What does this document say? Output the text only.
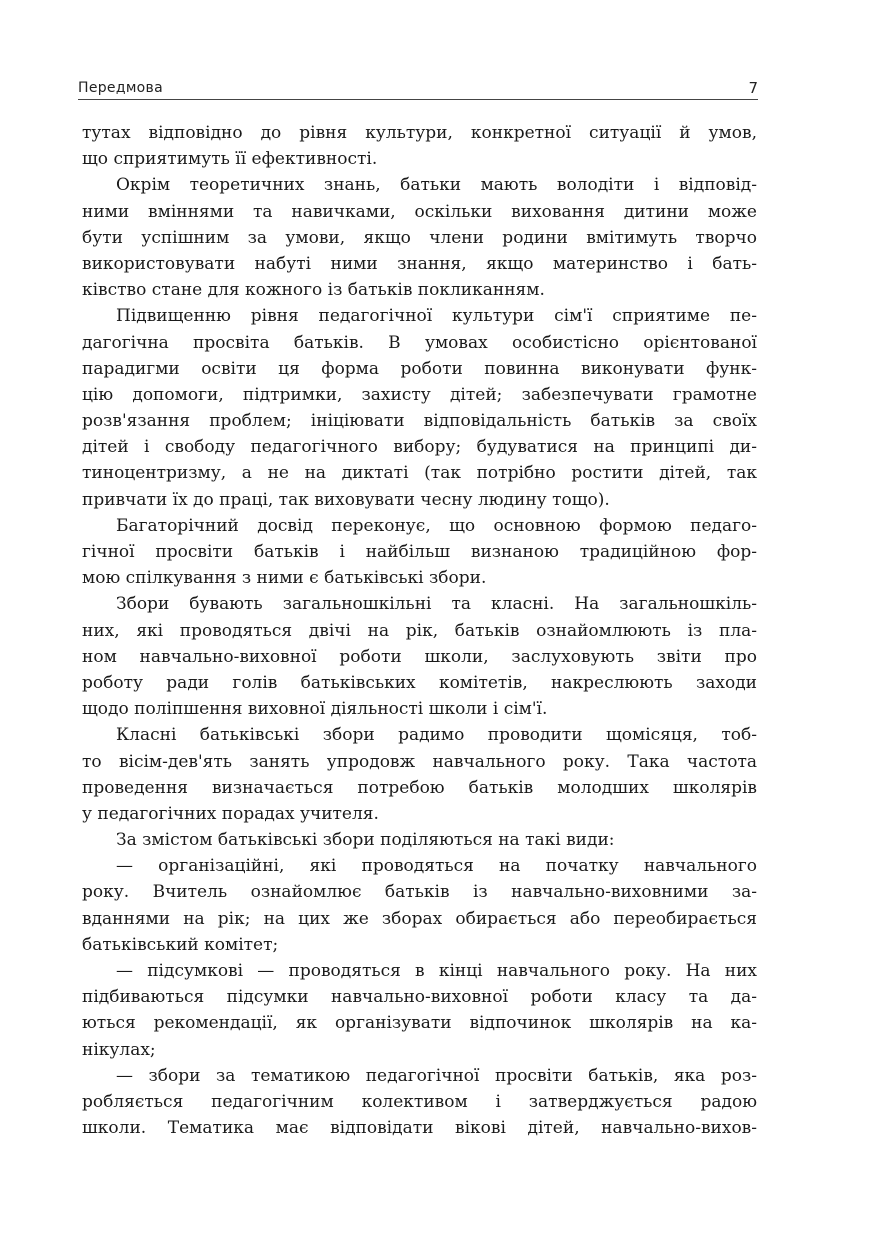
Передмова	7
тутах відповідно до рівня культури, конкретної ситуації й умов,
що сприятимуть її ефективності.
Окрім теоретичних знань, батьки мають володіти і відповід-
ними вміннями та навичками, оскільки виховання дитини може
бути успішним за умови, якщо члени родини вмітимуть творчо
використовувати набуті ними знання, якщо материнство і бать-
ківство стане для кожного із батьків покликанням.
Підвищенню рівня педагогічної культури сім'ї сприятиме пе-
дагогічна просвіта батьків. В умовах особистісно орієнтованої
парадигми освіти ця форма роботи повинна виконувати функ-
цію допомоги, підтримки, захисту дітей; забезпечувати грамотне
розв'язання проблем; ініціювати відповідальність батьків за своїх
дітей і свободу педагогічного вибору; будуватися на принципі ди-
тиноцентризму, а не на диктаті (так потрібно ростити дітей, так
привчати їх до праці, так виховувати чесну людину тощо).
Багаторічний досвід переконує, що основною формою педаго-
гічної просвіти батьків і найбільш визнаною традиційною фор-
мою спілкування з ними є батьківські збори.
Збори бувають загальношкільні та класні. На загальношкіль-
них, які проводяться двічі на рік, батьків ознайомлюють із пла-
ном навчально-виховної роботи школи, заслуховують звіти про
роботу ради голів батьківських комітетів, накреслюють заходи
щодо поліпшення виховної діяльності школи і сім'ї.
Класні батьківські збори радимо проводити щомісяця, тоб-
то вісім-дев'ять занять упродовж навчального року. Така частота
проведення визначається потребою батьків молодших школярів
у педагогічних порадах учителя.
За змістом батьківські збори поділяються на такі види:
— організаційні, які проводяться на початку навчального
року. Вчитель ознайомлює батьків із навчально-виховними за-
вданнями на рік; на цих же зборах обирається або переобирається
батьківський комітет;
— підсумкові — проводяться в кінці навчального року. На них
підбиваються підсумки навчально-виховної роботи класу та да-
ються рекомендації, як організувати відпочинок школярів на ка-
нікулах;
— збори за тематикою педагогічної просвіти батьків, яка роз-
робляється педагогічним колективом і затверджується радою
школи. Тематика має відповідати вікові дітей, навчально-вихов-
